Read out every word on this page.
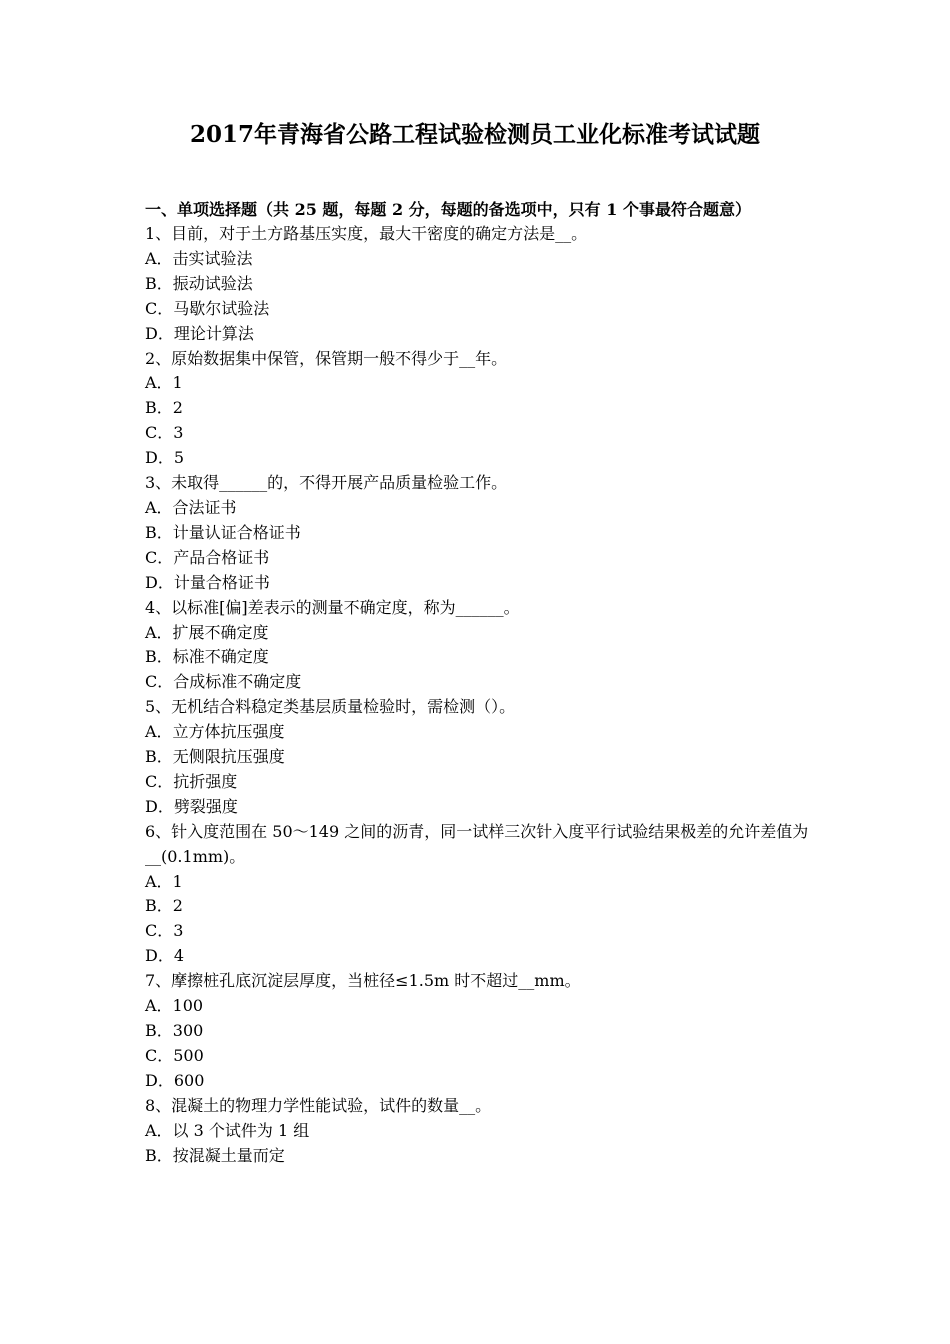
2017年青海省公路工程试验检测员工业化标准考试试题

一、单项选择题（共 25 题，每题 2 分，每题的备选项中，只有 1 个事最符合题意）

1、目前，对于土方路基压实度，最大干密度的确定方法是__。

A．击实试验法

B．振动试验法

C．马歇尔试验法

D．理论计算法

2、原始数据集中保管，保管期一般不得少于__年。

A．1

B．2

C．3

D．5

3、未取得______的，不得开展产品质量检验工作。

A．合法证书

B．计量认证合格证书

C．产品合格证书

D．计量合格证书

4、以标准[偏]差表示的测量不确定度，称为______。

A．扩展不确定度

B．标准不确定度

C．合成标准不确定度

5、无机结合料稳定类基层质量检验时，需检测（）。

A．立方体抗压强度

B．无侧限抗压强度

C．抗折强度

D．劈裂强度

6、针入度范围在 50～149 之间的沥青，同一试样三次针入度平行试验结果极差的允许差值为__(0.1mm)。

A．1

B．2

C．3

D．4

7、摩擦桩孔底沉淀层厚度，当桩径≤1.5m 时不超过__mm。

A．100

B．300

C．500

D．600

8、混凝土的物理力学性能试验，试件的数量__。

A．以 3 个试件为 1 组

B．按混凝土量而定
